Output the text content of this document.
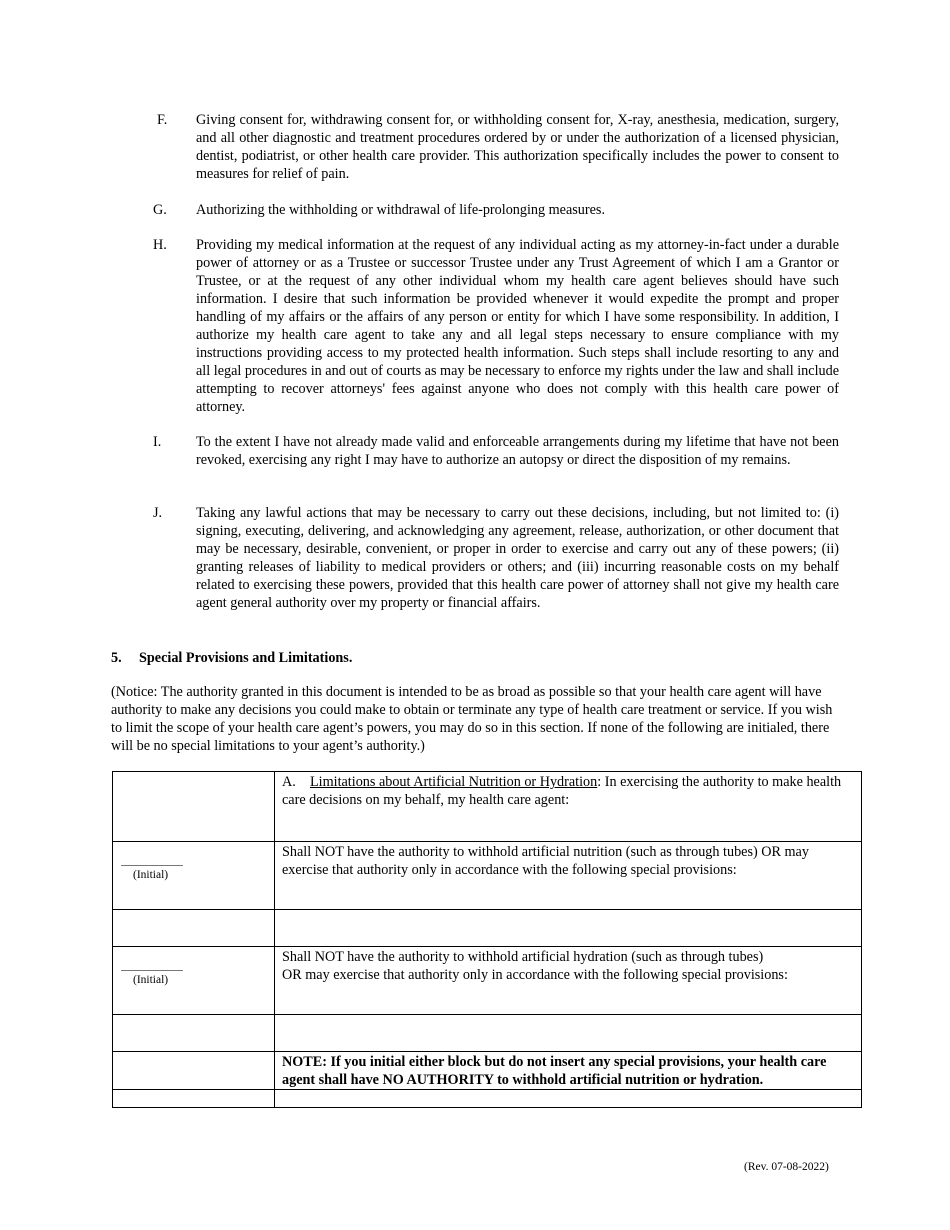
F. Giving consent for, withdrawing consent for, or withholding consent for, X-ray, anesthesia, medication, surgery, and all other diagnostic and treatment procedures ordered by or under the authorization of a licensed physician, dentist, podiatrist, or other health care provider. This authorization specifically includes the power to consent to measures for relief of pain.
G. Authorizing the withholding or withdrawal of life-prolonging measures.
H. Providing my medical information at the request of any individual acting as my attorney-in-fact under a durable power of attorney or as a Trustee or successor Trustee under any Trust Agreement of which I am a Grantor or Trustee, or at the request of any other individual whom my health care agent believes should have such information. I desire that such information be provided whenever it would expedite the prompt and proper handling of my affairs or the affairs of any person or entity for which I have some responsibility. In addition, I authorize my health care agent to take any and all legal steps necessary to ensure compliance with my instructions providing access to my protected health information. Such steps shall include resorting to any and all legal procedures in and out of courts as may be necessary to enforce my rights under the law and shall include attempting to recover attorneys' fees against anyone who does not comply with this health care power of attorney.
I. To the extent I have not already made valid and enforceable arrangements during my lifetime that have not been revoked, exercising any right I may have to authorize an autopsy or direct the disposition of my remains.
J. Taking any lawful actions that may be necessary to carry out these decisions, including, but not limited to: (i) signing, executing, delivering, and acknowledging any agreement, release, authorization, or other document that may be necessary, desirable, convenient, or proper in order to exercise and carry out any of these powers; (ii) granting releases of liability to medical providers or others; and (iii) incurring reasonable costs on my behalf related to exercising these powers, provided that this health care power of attorney shall not give my health care agent general authority over my property or financial affairs.
5. Special Provisions and Limitations.
(Notice: The authority granted in this document is intended to be as broad as possible so that your health care agent will have authority to make any decisions you could make to obtain or terminate any type of health care treatment or service. If you wish to limit the scope of your health care agent’s powers, you may do so in this section. If none of the following are initialed, there will be no special limitations to your agent’s authority.)
	A. Limitations about Artificial Nutrition or Hydration: In exercising the authority to make health care decisions on my behalf, my health care agent:

(Initial)	Shall NOT have the authority to withhold artificial nutrition (such as through tubes) OR may exercise that authority only in accordance with the following special provisions:

(Initial)	Shall NOT have the authority to withhold artificial hydration (such as through tubes)
OR may exercise that authority only in accordance with the following special provisions:

	NOTE: If you initial either block but do not insert any special provisions, your health care agent shall have NO AUTHORITY to withhold artificial nutrition or hydration.

(Rev. 07-08-2022)
